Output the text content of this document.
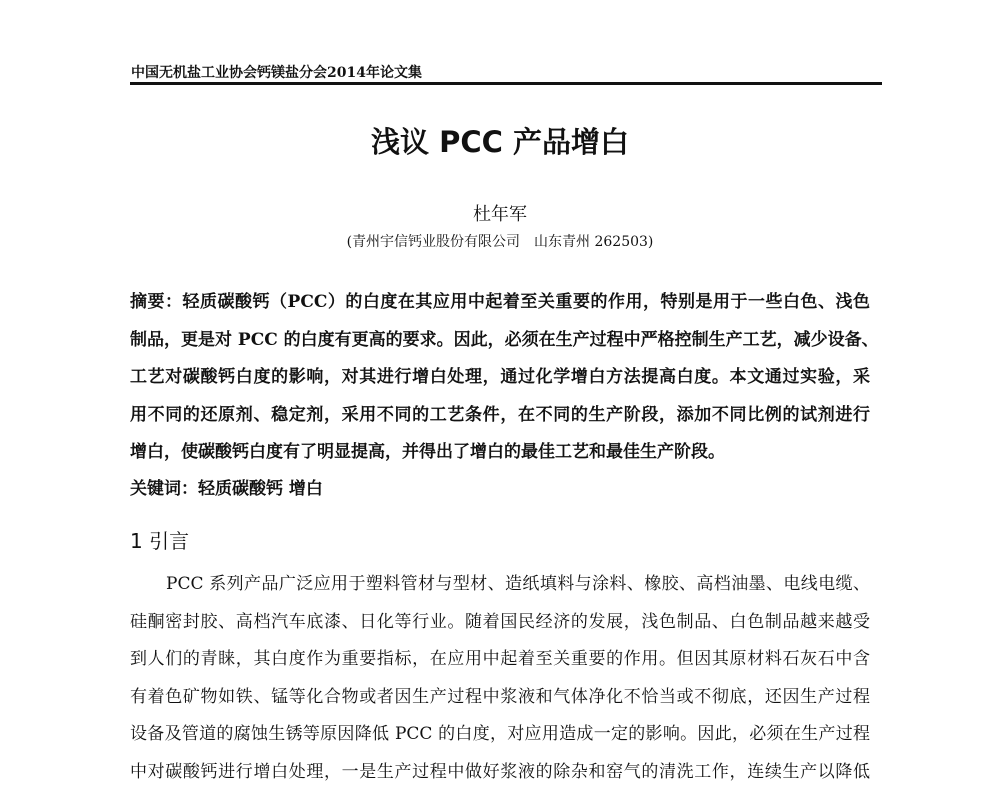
中国无机盐工业协会钙镁盐分会2014年论文集
浅议 PCC 产品增白
杜年军
(青州宇信钙业股份有限公司　山东青州 262503)
摘要：轻质碳酸钙（PCC）的白度在其应用中起着至关重要的作用，特别是用于一些白色、浅色
制品，更是对 PCC 的白度有更高的要求。因此，必须在生产过程中严格控制生产工艺，减少设备、
工艺对碳酸钙白度的影响，对其进行增白处理，通过化学增白方法提高白度。本文通过实验，采
用不同的还原剂、稳定剂，采用不同的工艺条件，在不同的生产阶段，添加不同比例的试剂进行
增白，使碳酸钙白度有了明显提高，并得出了增白的最佳工艺和最佳生产阶段。
关键词：轻质碳酸钙 增白
1 引言
PCC 系列产品广泛应用于塑料管材与型材、造纸填料与涂料、橡胶、高档油墨、电线电缆、
硅酮密封胶、高档汽车底漆、日化等行业。随着国民经济的发展，浅色制品、白色制品越来越受
到人们的青睐，其白度作为重要指标，在应用中起着至关重要的作用。但因其原材料石灰石中含
有着色矿物如铁、锰等化合物或者因生产过程中浆液和气体净化不恰当或不彻底，还因生产过程
设备及管道的腐蚀生锈等原因降低 PCC 的白度，对应用造成一定的影响。因此，必须在生产过程
中对碳酸钙进行增白处理，一是生产过程中做好浆液的除杂和窑气的清洗工作，连续生产以降低
